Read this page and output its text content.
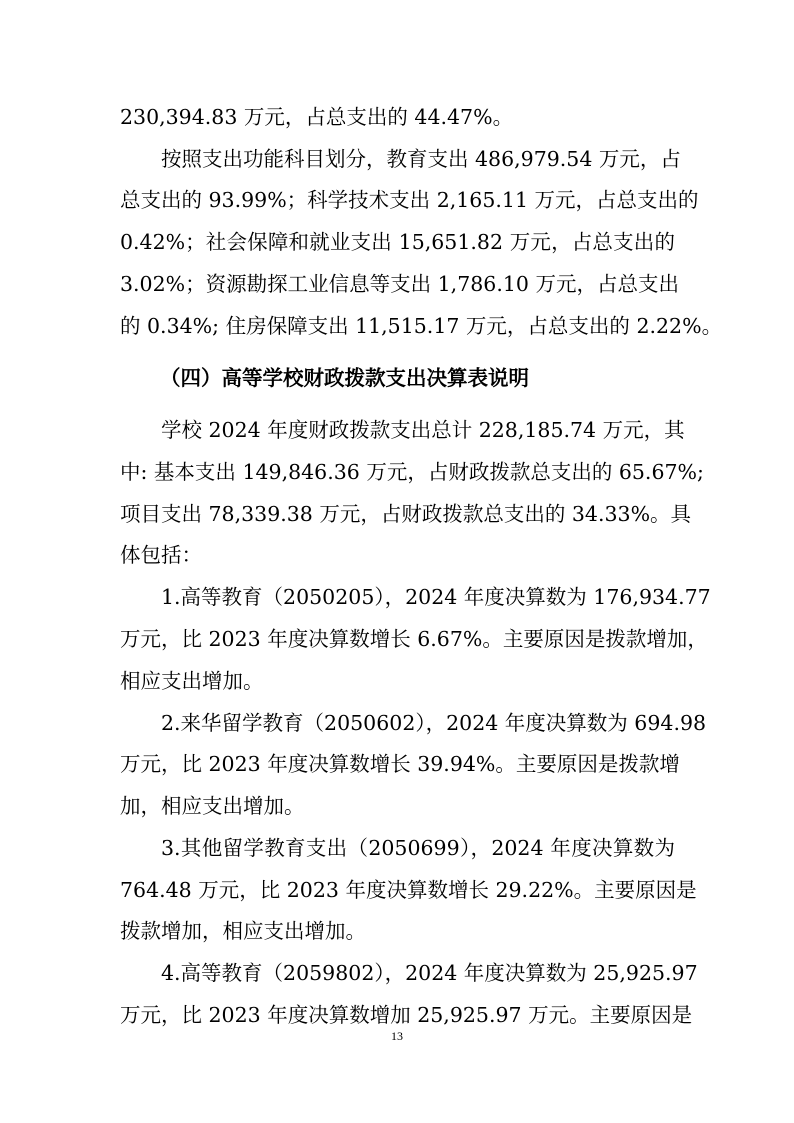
230,394.83 万元，占总支出的 44.47%。
按照支出功能科目划分，教育支出 486,979.54 万元，占
总支出的 93.99%；科学技术支出 2,165.11 万元，占总支出的
0.42%；社会保障和就业支出 15,651.82 万元，占总支出的
3.02%；资源勘探工业信息等支出 1,786.10 万元，占总支出
的 0.34%; 住房保障支出 11,515.17 万元，占总支出的 2.22%。
（四）高等学校财政拨款支出决算表说明
学校 2024 年度财政拨款支出总计 228,185.74 万元，其
中: 基本支出 149,846.36 万元，占财政拨款总支出的 65.67%;
项目支出 78,339.38 万元，占财政拨款总支出的 34.33%。具
体包括：
1.高等教育（2050205），2024 年度决算数为 176,934.77
万元，比 2023 年度决算数增长 6.67%。主要原因是拨款增加，
相应支出增加。
2.来华留学教育（2050602），2024 年度决算数为 694.98
万元，比 2023 年度决算数增长 39.94%。主要原因是拨款增
加，相应支出增加。
3.其他留学教育支出（2050699），2024 年度决算数为
764.48 万元，比 2023 年度决算数增长 29.22%。主要原因是
拨款增加，相应支出增加。
4.高等教育（2059802），2024 年度决算数为 25,925.97
万元，比 2023 年度决算数增加 25,925.97 万元。主要原因是
13
